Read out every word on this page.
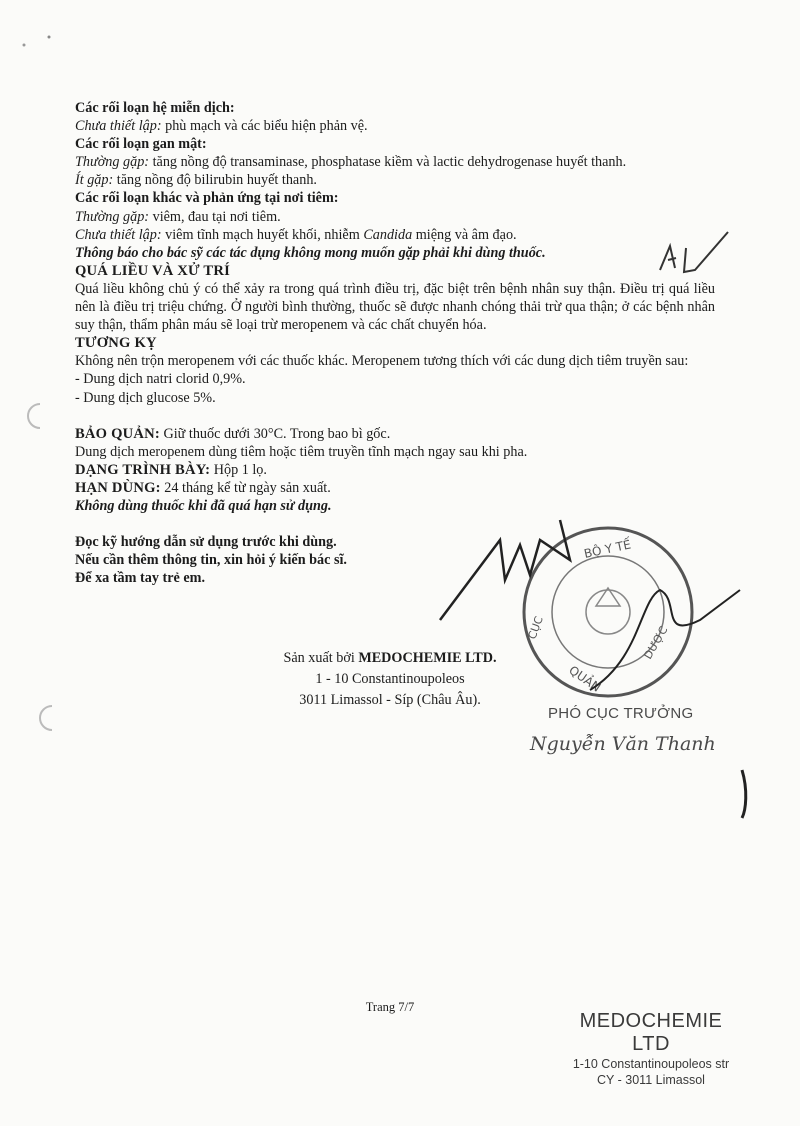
BỘ Y TẾ
CỤC
QUẢN
DƯỢC

Các rối loạn hệ miễn dịch:

Chưa thiết lập: phù mạch và các biểu hiện phản vệ.

Các rối loạn gan mật:

Thường gặp: tăng nồng độ transaminase, phosphatase kiềm và lactic dehydrogenase huyết thanh.

Ít gặp: tăng nồng độ bilirubin huyết thanh.

Các rối loạn khác và phản ứng tại nơi tiêm:

Thường gặp: viêm, đau tại nơi tiêm.

Chưa thiết lập: viêm tĩnh mạch huyết khối, nhiễm Candida miệng và âm đạo.

Thông báo cho bác sỹ các tác dụng không mong muốn gặp phải khi dùng thuốc.

QUÁ LIỀU VÀ XỬ TRÍ

Quá liều không chủ ý có thể xảy ra trong quá trình điều trị, đặc biệt trên bệnh nhân suy thận. Điều trị quá liều nên là điều trị triệu chứng. Ở người bình thường, thuốc sẽ được nhanh chóng thải trừ qua thận; ở các bệnh nhân suy thận, thẩm phân máu sẽ loại trừ meropenem và các chất chuyển hóa.

TƯƠNG KỴ

Không nên trộn meropenem với các thuốc khác. Meropenem tương thích với các dung dịch tiêm truyền sau:

- Dung dịch natri clorid 0,9%.

- Dung dịch glucose 5%.

BẢO QUẢN: Giữ thuốc dưới 30°C. Trong bao bì gốc.

Dung dịch meropenem dùng tiêm hoặc tiêm truyền tĩnh mạch ngay sau khi pha.

DẠNG TRÌNH BÀY: Hộp 1 lọ.

HẠN DÙNG: 24 tháng kể từ ngày sản xuất.

Không dùng thuốc khi đã quá hạn sử dụng.

Đọc kỹ hướng dẫn sử dụng trước khi dùng.

Nếu cần thêm thông tin, xin hỏi ý kiến bác sĩ.

Để xa tầm tay trẻ em.

Sản xuất bởi MEDOCHEMIE LTD.
1 - 10 Constantinoupoleos
3011 Limassol - Síp (Châu Âu).
PHÓ CỤC TRƯỞNG
Nguyễn Văn Thanh
Trang 7/7
MEDOCHEMIE LTD
1-10 Constantinoupoleos str
CY - 3011 Limassol
